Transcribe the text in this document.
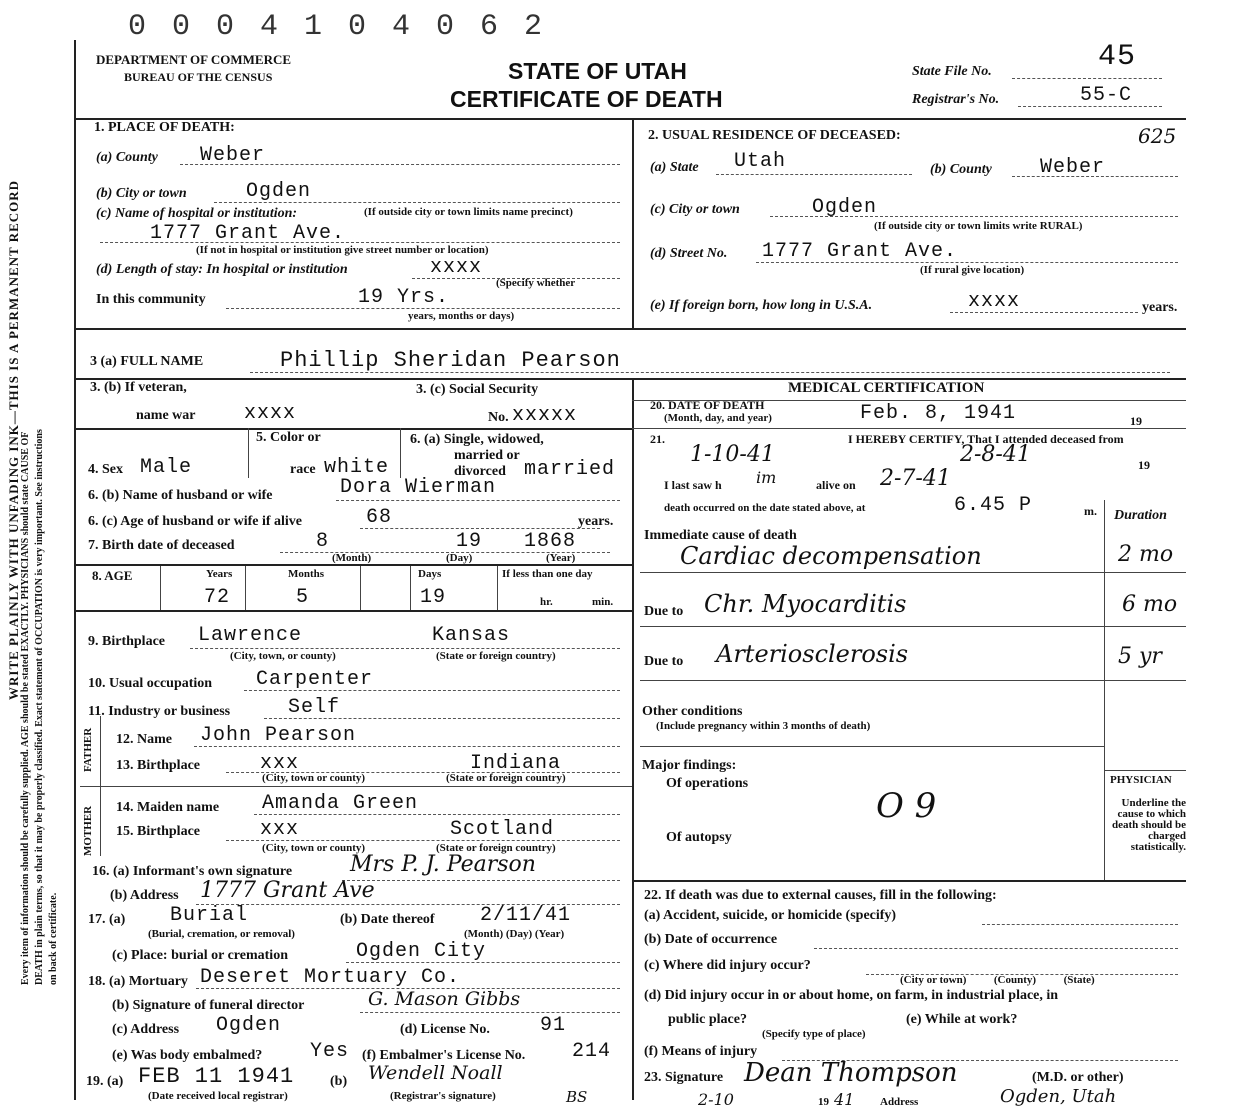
WRITE PLAINLY WITH UNFADING INK—THIS IS A PERMANENT RECORD Every item of information should be carefully supplied. AGE should be stated EXACTLY. PHYSICIANS should state CAUSE OF DEATH in plain terms, so that it may be properly classified. Exact statement of OCCUPATION is very important. See instructions on back of certificate.
0 0 0 4 1 0 4 0 6 2
DEPARTMENT OF COMMERCE
BUREAU OF THE CENSUS	STATE OF UTAH
CERTIFICATE OF DEATH
State File No.	45
Registrar's No.	55-C
625
1. PLACE OF DEATH:
(a) County Weber
(b) City or town	Ogden
(c) Name of hospital or institution:	(If outside city or town limits name precinct)
1777 Grant Ave.
(If not in hospital or institution give street number or location)
(d) Length of stay: In hospital or institution	xxxx
(Specify whether
In this community	19 Yrs.
years, months or days)
2. USUAL RESIDENCE OF DECEASED:
(a) State Utah	(b) County Weber
(c) City or town	Ogden
(If outside city or town limits write RURAL)
(d) Street No. 1777 Grant Ave.
(If rural give location)
(e) If foreign born, how long in U.S.A.	xxxx	years.
3 (a) FULL NAME	Phillip Sheridan Pearson
3. (b) If veteran,
name war xxxx
3. (c) Social Security
No. xxxxx
4. Sex Male
5. Color or
race white
6. (a) Single, widowed,
married or
divorced married
6. (b) Name of husband or wife	Dora Wierman
6. (c) Age of husband or wife if alive	68	years.
7. Birth date of deceased	8	19 1868
(Month)	(Day)	(Year)
8. AGE	Years	Months	Days	If less than one day
72	5	19	hr.	min.
9. Birthplace Lawrence	Kansas
(City, town, or county)	(State or foreign country)
10. Usual occupation Carpenter
11. Industry or business	Self
FATHER
MOTHER
12. Name John Pearson
13. Birthplace	xxx	Indiana
(City, town or county)	(State or foreign country)
14. Maiden name Amanda Green
15. Birthplace	xxx	Scotland
(City, town or county)	(State or foreign country)
16. (a) Informant's own signature	Mrs P. J. Pearson
(b) Address 1777 Grant Ave
17. (a) Burial
(Burial, cremation, or removal)
(b) Date thereof 2/11/41
(Month) (Day) (Year)
(c) Place: burial or cremation	Ogden City
18. (a) Mortuary Deseret Mortuary Co.
(b) Signature of funeral director	G. Mason Gibbs
(c) Address Ogden	(d) License No.	91
(e) Was body embalmed? Yes (f) Embalmer's License No. 214
19. (a) FEB 11 1941
(Date received local registrar)
(b) Wendell Noall
(Registrar's signature)	BS
MEDICAL CERTIFICATION
20. DATE OF DEATH
(Month, day, and year)	Feb. 8, 1941	19
21.	I HEREBY CERTIFY, That I attended deceased from
1-10-41	2-8-41	19
I last saw h im	alive on 2-7-41
death occurred on the date stated above, at	6.45 P	m. Duration
Immediate cause of death
Cardiac decompensation	2 mo
Due to Chr. Myocarditis	6 mo
Due to Arteriosclerosis	5 yr
Other conditions
(Include pregnancy within 3 months of death)
Major findings:
Of operations
O 9
Of autopsy
PHYSICIAN
Underline the cause to which death should be charged statistically.
22. If death was due to external causes, fill in the following:
(a) Accident, suicide, or homicide (specify)
(b) Date of occurrence
(c) Where did injury occur?
(City or town)          (County)          (State)
(d) Did injury occur in or about home, on farm, in industrial place, in
public place?
(Specify type of place)
(e) While at work?
(f) Means of injury
23. Signature Dean Thompson	(M.D. or other)
2-10	19 41 Address	Ogden, Utah
